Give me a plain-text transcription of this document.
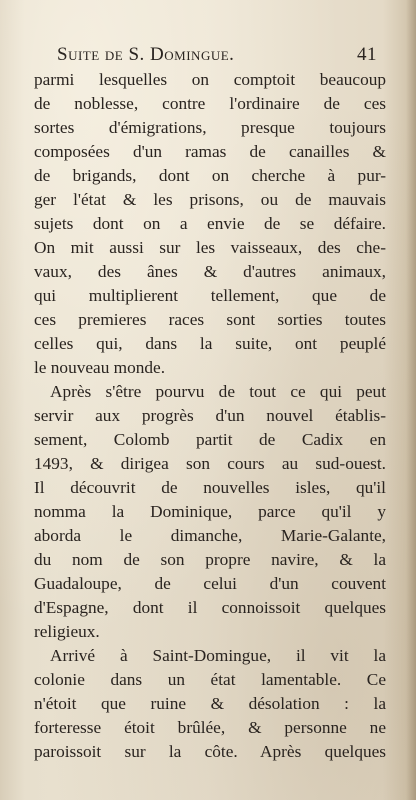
Suite de S. Domingue.	41
parmi lesquelles on comptoit beaucoup
de noblesse, contre l'ordinaire de ces
sortes d'émigrations, presque toujours
composées d'un ramas de canailles &
de brigands, dont on cherche à pur-
ger l'état & les prisons, ou de mauvais
sujets dont on a envie de se défaire.
On mit aussi sur les vaisseaux, des che-
vaux, des ânes & d'autres animaux,
qui multiplierent tellement, que de
ces premieres races sont sorties toutes
celles qui, dans la suite, ont peuplé
le nouveau monde.
Après s'être pourvu de tout ce qui peut
servir aux progrès d'un nouvel établis-
sement, Colomb partit de Cadix en
1493, & dirigea son cours au sud-ouest.
Il découvrit de nouvelles isles, qu'il
nomma la Dominique, parce qu'il y
aborda le dimanche, Marie-Galante,
du nom de son propre navire, & la
Guadaloupe, de celui d'un couvent
d'Espagne, dont il connoissoit quelques
religieux.
Arrivé à Saint-Domingue, il vit la
colonie dans un état lamentable. Ce
n'étoit que ruine & désolation : la
forteresse étoit brûlée, & personne ne
paroissoit sur la côte. Après quelques
